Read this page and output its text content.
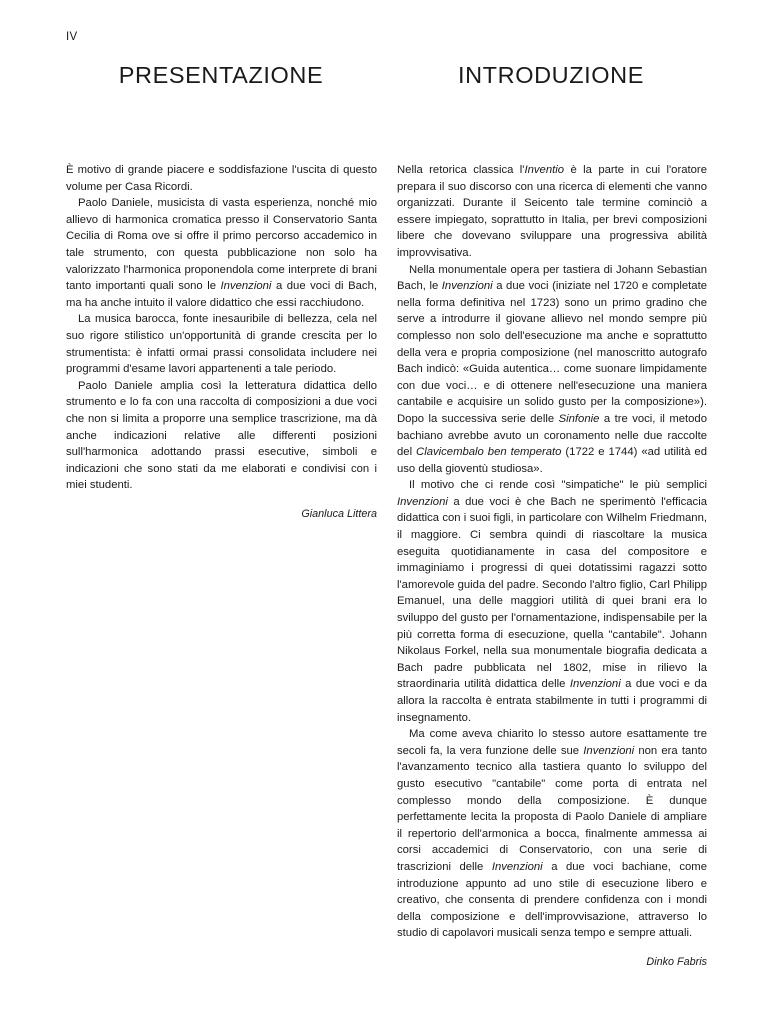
IV
PRESENTAZIONE	INTRODUZIONE

È motivo di grande piacere e soddisfazione l'uscita di questo volume per Casa Ricordi.

Paolo Daniele, musicista di vasta esperienza, nonché mio allievo di harmonica cromatica presso il Conservatorio Santa Cecilia di Roma ove si offre il primo percorso accademico in tale strumento, con questa pubblicazione non solo ha valorizzato l'harmonica proponendola come interprete di brani tanto importanti quali sono le Invenzioni a due voci di Bach, ma ha anche intuito il valore didattico che essi racchiudono.

La musica barocca, fonte inesauribile di bellezza, cela nel suo rigore stilistico un'opportunità di grande crescita per lo strumentista: è infatti ormai prassi consolidata includere nei programmi d'esame lavori appartenenti a tale periodo.

Paolo Daniele amplia così la letteratura didattica dello strumento e lo fa con una raccolta di composizioni a due voci che non si limita a proporre una semplice trascrizione, ma dà anche indicazioni relative alle differenti posizioni sull'harmonica adottando prassi esecutive, simboli e indicazioni che sono stati da me elaborati e condivisi con i miei studenti.

Gianluca Littera

Nella retorica classica l'Inventio è la parte in cui l'oratore prepara il suo discorso con una ricerca di elementi che vanno organizzati. Durante il Seicento tale termine cominciò a essere impiegato, soprattutto in Italia, per brevi composizioni libere che dovevano sviluppare una progressiva abilità improvvisativa.

Nella monumentale opera per tastiera di Johann Sebastian Bach, le Invenzioni a due voci (iniziate nel 1720 e completate nella forma definitiva nel 1723) sono un primo gradino che serve a introdurre il giovane allievo nel mondo sempre più complesso non solo dell'esecuzione ma anche e soprattutto della vera e propria composizione (nel manoscritto autografo Bach indicò: «Guida autentica… come suonare limpidamente con due voci… e di ottenere nell'esecuzione una maniera cantabile e acquisire un solido gusto per la composizione»). Dopo la successiva serie delle Sinfonie a tre voci, il metodo bachiano avrebbe avuto un coronamento nelle due raccolte del Clavicembalo ben temperato (1722 e 1744) «ad utilità ed uso della gioventù studiosa».

Il motivo che ci rende così "simpatiche" le più semplici Invenzioni a due voci è che Bach ne sperimentò l'efficacia didattica con i suoi figli, in particolare con Wilhelm Friedmann, il maggiore. Ci sembra quindi di riascoltare la musica eseguita quotidianamente in casa del compositore e immaginiamo i progressi di quei dotatissimi ragazzi sotto l'amorevole guida del padre. Secondo l'altro figlio, Carl Philipp Emanuel, una delle maggiori utilità di quei brani era lo sviluppo del gusto per l'ornamentazione, indispensabile per la più corretta forma di esecuzione, quella "cantabile". Johann Nikolaus Forkel, nella sua monumentale biografia dedicata a Bach padre pubblicata nel 1802, mise in rilievo la straordinaria utilità didattica delle Invenzioni a due voci e da allora la raccolta è entrata stabilmente in tutti i programmi di insegnamento.

Ma come aveva chiarito lo stesso autore esattamente tre secoli fa, la vera funzione delle sue Invenzioni non era tanto l'avanzamento tecnico alla tastiera quanto lo sviluppo del gusto esecutivo "cantabile" come porta di entrata nel complesso mondo della composizione. È dunque perfettamente lecita la proposta di Paolo Daniele di ampliare il repertorio dell'armonica a bocca, finalmente ammessa ai corsi accademici di Conservatorio, con una serie di trascrizioni delle Invenzioni a due voci bachiane, come introduzione appunto ad uno stile di esecuzione libero e creativo, che consenta di prendere confidenza con i mondi della composizione e dell'improvvisazione, attraverso lo studio di capolavori musicali senza tempo e sempre attuali.

Dinko Fabris
